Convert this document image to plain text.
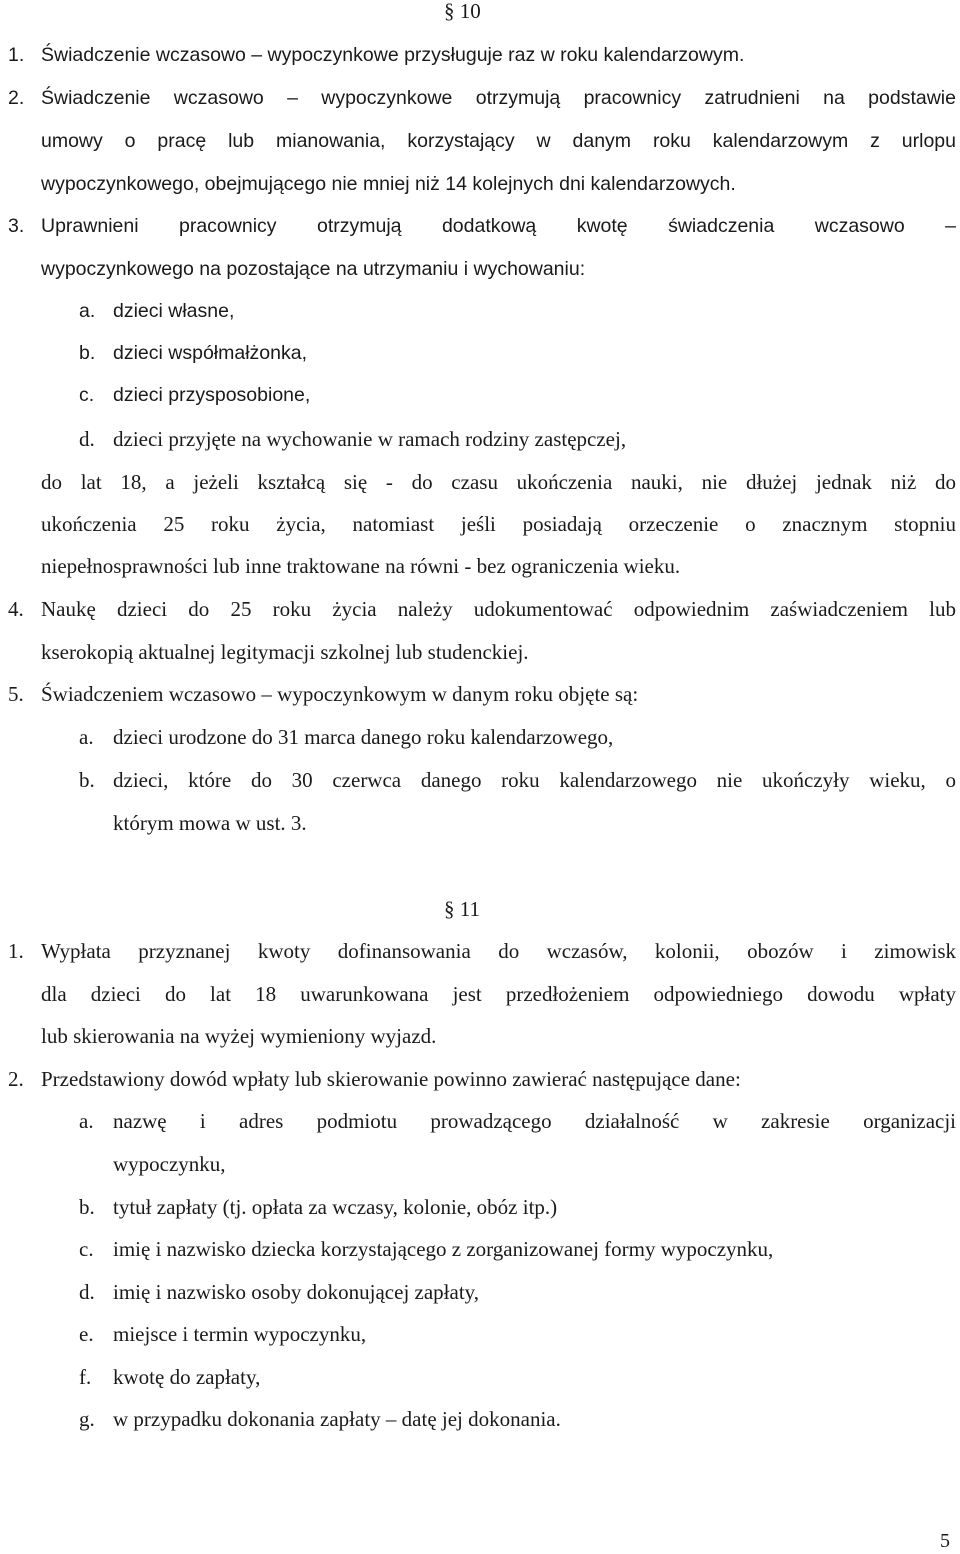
§ 10
1. Świadczenie wczasowo – wypoczynkowe przysługuje raz w roku kalendarzowym.
2. Świadczenie wczasowo – wypoczynkowe otrzymują pracownicy zatrudnieni na podstawie
umowy o pracę lub mianowania, korzystający w danym roku kalendarzowym z urlopu
wypoczynkowego, obejmującego nie mniej niż 14 kolejnych dni kalendarzowych.
3. Uprawnieni pracownicy otrzymują dodatkową kwotę świadczenia wczasowo –
wypoczynkowego na pozostające na utrzymaniu i wychowaniu:
a. dzieci własne,
b. dzieci współmałżonka,
c. dzieci przysposobione,
d. dzieci przyjęte na wychowanie w ramach rodziny zastępczej,
do lat 18, a jeżeli kształcą się - do czasu ukończenia nauki, nie dłużej jednak niż do
ukończenia 25 roku życia, natomiast jeśli posiadają orzeczenie o znacznym stopniu
niepełnosprawności lub inne traktowane na równi - bez ograniczenia wieku.
4. Naukę dzieci do 25 roku życia należy udokumentować odpowiednim zaświadczeniem lub
kserokopią aktualnej legitymacji szkolnej lub studenckiej.
5. Świadczeniem wczasowo – wypoczynkowym w danym roku objęte są:
a. dzieci urodzone do 31 marca danego roku kalendarzowego,
b. dzieci, które do 30 czerwca danego roku kalendarzowego nie ukończyły wieku, o
którym mowa w ust. 3.
§ 11
1. Wypłata przyznanej kwoty dofinansowania do wczasów, kolonii, obozów i zimowisk
dla dzieci do lat 18 uwarunkowana jest przedłożeniem odpowiedniego dowodu wpłaty
lub skierowania na wyżej wymieniony wyjazd.
2. Przedstawiony dowód wpłaty lub skierowanie powinno zawierać następujące dane:
a. nazwę i adres podmiotu prowadzącego działalność w zakresie organizacji
wypoczynku,
b. tytuł zapłaty (tj. opłata za wczasy, kolonie, obóz itp.)
c. imię i nazwisko dziecka korzystającego z zorganizowanej formy wypoczynku,
d. imię i nazwisko osoby dokonującej zapłaty,
e. miejsce i termin wypoczynku,
f. kwotę do zapłaty,
g. w przypadku dokonania zapłaty – datę jej dokonania.
5
